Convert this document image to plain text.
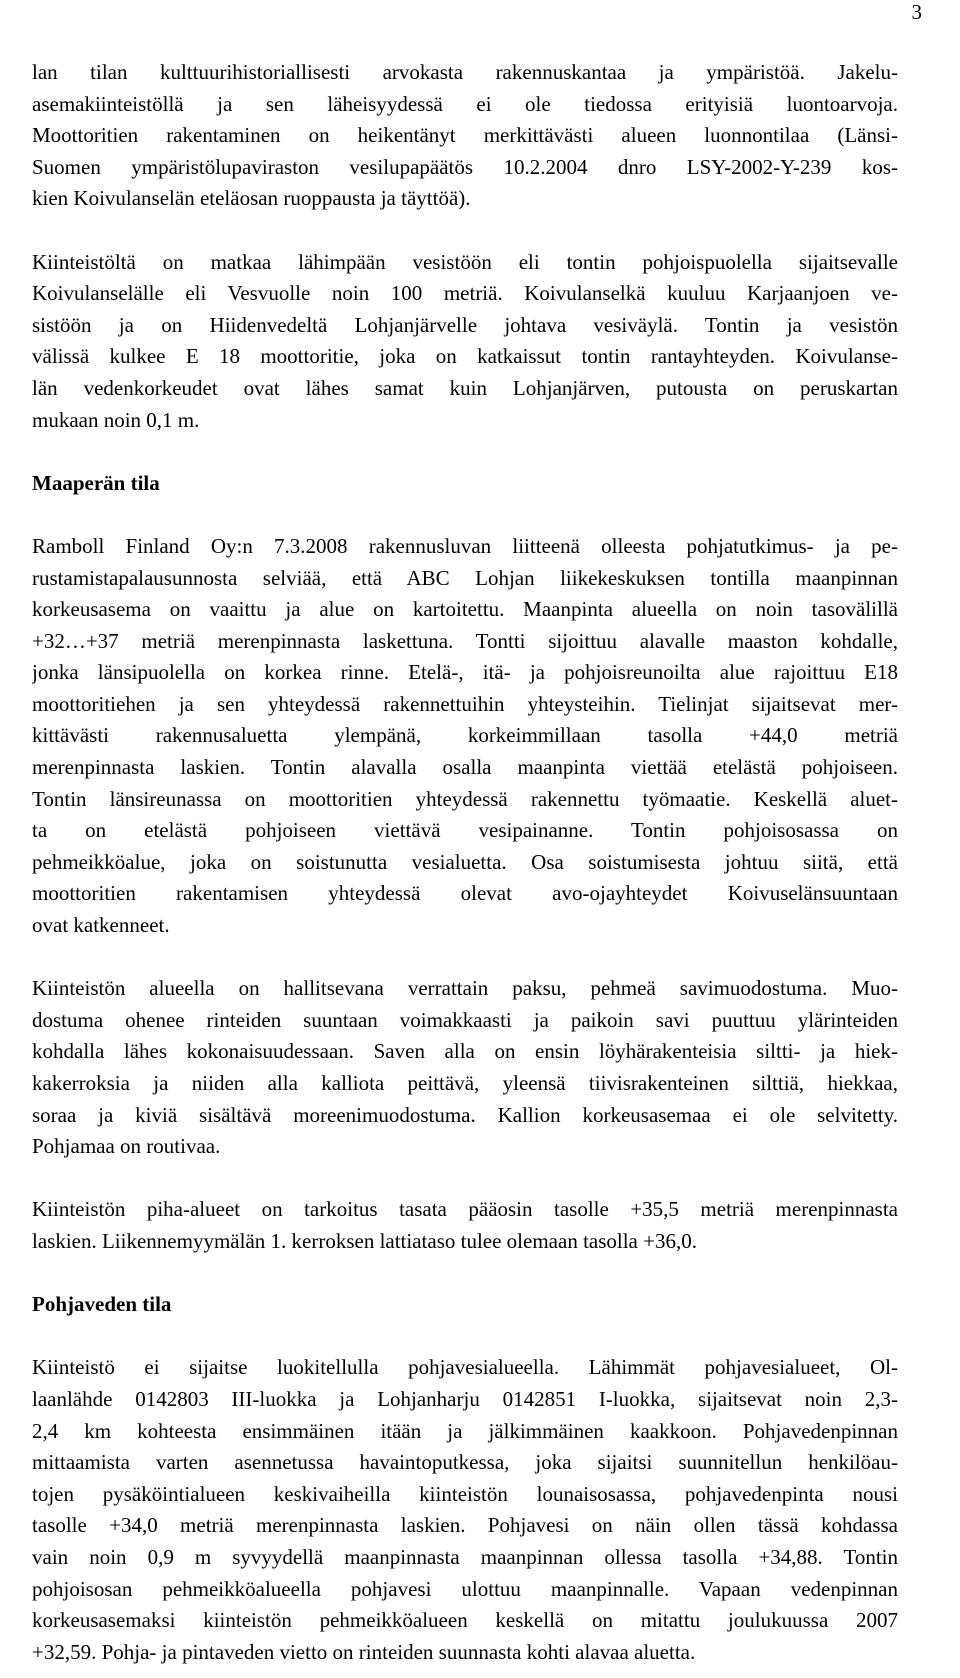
3
lan tilan kulttuurihistoriallisesti arvokasta rakennuskantaa ja ympäristöä. Jakelu-
asemakiinteistöllä ja sen läheisyydessä ei ole tiedossa erityisiä luontoarvoja.
Moottoritien rakentaminen on heikentänyt merkittävästi alueen luonnontilaa (Länsi-
Suomen ympäristölupaviraston vesilupapäätös 10.2.2004 dnro LSY-2002-Y-239 kos-
kien Koivulanselän eteläosan ruoppausta ja täyttöä).
Kiinteistöltä on matkaa lähimpään vesistöön eli tontin pohjoispuolella sijaitsevalle
Koivulanselälle eli Vesvuolle noin 100 metriä. Koivulanselkä kuuluu Karjaanjoen ve-
sistöön ja on Hiidenvedeltä Lohjanjärvelle johtava vesiväylä. Tontin ja vesistön
välissä kulkee E 18 moottoritie, joka on katkaissut tontin rantayhteyden. Koivulanse-
län vedenkorkeudet ovat lähes samat kuin Lohjanjärven, putousta on peruskartan
mukaan noin 0,1 m.
Maaperän tila
Ramboll Finland Oy:n 7.3.2008 rakennusluvan liitteenä olleesta pohjatutkimus- ja pe-
rustamistapalausunnosta selviää, että ABC Lohjan liikekeskuksen tontilla maanpinnan
korkeusasema on vaaittu ja alue on kartoitettu. Maanpinta alueella on noin tasovälillä
+32…+37 metriä merenpinnasta laskettuna. Tontti sijoittuu alavalle maaston kohdalle,
jonka länsipuolella on korkea rinne. Etelä-, itä- ja pohjoisreunoilta alue rajoittuu E18
moottoritiehen ja sen yhteydessä rakennettuihin yhteysteihin. Tielinjat sijaitsevat mer-
kittävästi rakennusaluetta ylempänä, korkeimmillaan tasolla +44,0 metriä
merenpinnasta laskien. Tontin alavalla osalla maanpinta viettää etelästä pohjoiseen.
Tontin länsireunassa on moottoritien yhteydessä rakennettu työmaatie. Keskellä aluet-
ta on etelästä pohjoiseen viettävä vesipainanne. Tontin pohjoisosassa on
pehmeikköalue, joka on soistunutta vesialuetta. Osa soistumisesta johtuu siitä, että
moottoritien rakentamisen yhteydessä olevat avo-ojayhteydet Koivuselänsuuntaan
ovat katkenneet.
Kiinteistön alueella on hallitsevana verrattain paksu, pehmeä savimuodostuma. Muo-
dostuma ohenee rinteiden suuntaan voimakkaasti ja paikoin savi puuttuu ylärinteiden
kohdalla lähes kokonaisuudessaan. Saven alla on ensin löyhärakenteisia siltti- ja hiek-
kakerroksia ja niiden alla kalliota peittävä, yleensä tiivisrakenteinen silttiä, hiekkaa,
soraa ja kiviä sisältävä moreenimuodostuma. Kallion korkeusasemaa ei ole selvitetty.
Pohjamaa on routivaa.
Kiinteistön piha-alueet on tarkoitus tasata pääosin tasolle +35,5 metriä merenpinnasta
laskien. Liikennemyymälän 1. kerroksen lattiataso tulee olemaan tasolla +36,0.
Pohjaveden tila
Kiinteistö ei sijaitse luokitellulla pohjavesialueella. Lähimmät pohjavesialueet, Ol-
laanlähde 0142803 III-luokka ja Lohjanharju 0142851 I-luokka, sijaitsevat noin 2,3-
2,4 km kohteesta ensimmäinen itään ja jälkimmäinen kaakkoon. Pohjavedenpinnan
mittaamista varten asennetussa havaintoputkessa, joka sijaitsi suunnitellun henkilöau-
tojen pysäköintialueen keskivaiheilla kiinteistön lounaisosassa, pohjavedenpinta nousi
tasolle +34,0 metriä merenpinnasta laskien. Pohjavesi on näin ollen tässä kohdassa
vain noin 0,9 m syvyydellä maanpinnasta maanpinnan ollessa tasolla +34,88. Tontin
pohjoisosan pehmeikköalueella pohjavesi ulottuu maanpinnalle. Vapaan vedenpinnan
korkeusasemaksi kiinteistön pehmeikköalueen keskellä on mitattu joulukuussa 2007
+32,59. Pohja- ja pintaveden vietto on rinteiden suunnasta kohti alavaa aluetta.
